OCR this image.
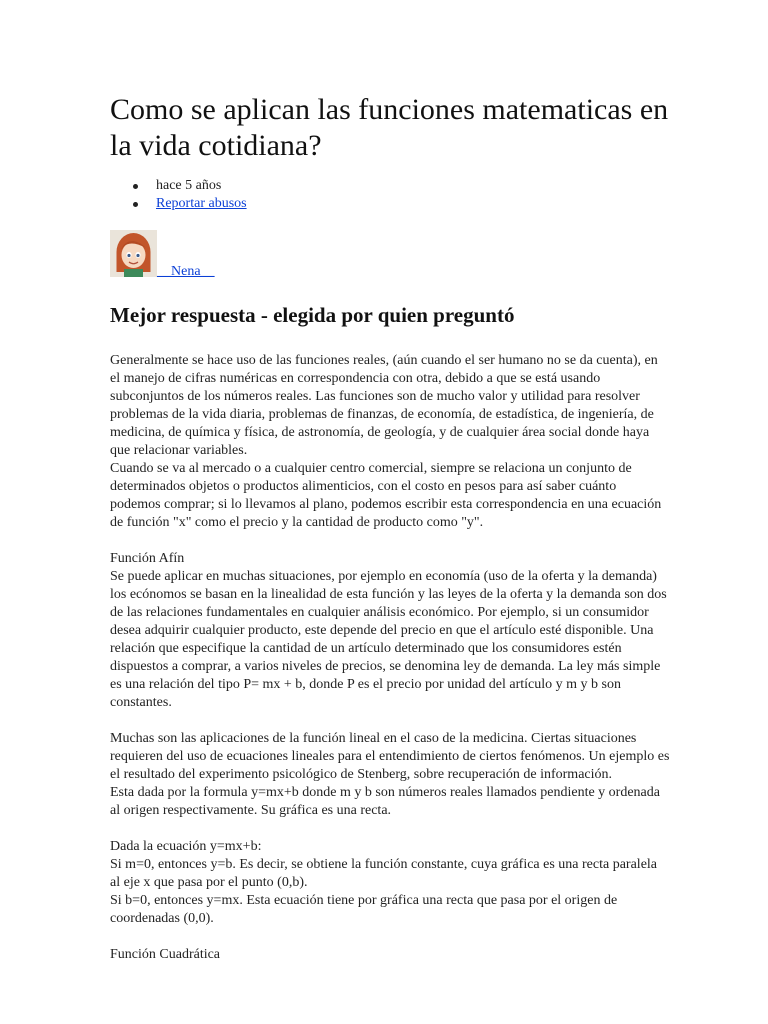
Como se aplican las funciones matematicas en la vida cotidiana?
hace 5 años
Reportar abusos
__Nena__
Mejor respuesta - elegida por quien preguntó

Generalmente se hace uso de las funciones reales, (aún cuando el ser humano no se da cuenta), en el manejo de cifras numéricas en correspondencia con otra, debido a que se está usando subconjuntos de los números reales. Las funciones son de mucho valor y utilidad para resolver problemas de la vida diaria, problemas de finanzas, de economía, de estadística, de ingeniería, de medicina, de química y física, de astronomía, de geología, y de cualquier área social donde haya que relacionar variables.

Cuando se va al mercado o a cualquier centro comercial, siempre se relaciona un conjunto de determinados objetos o productos alimenticios, con el costo en pesos para así saber cuánto podemos comprar; si lo llevamos al plano, podemos escribir esta correspondencia en una ecuación de función "x" como el precio y la cantidad de producto como "y".

Función Afín

Se puede aplicar en muchas situaciones, por ejemplo en economía (uso de la oferta y la demanda) los ecónomos se basan en la linealidad de esta función y las leyes de la oferta y la demanda son dos de las relaciones fundamentales en cualquier análisis económico. Por ejemplo, si un consumidor desea adquirir cualquier producto, este depende del precio en que el artículo esté disponible. Una relación que especifique la cantidad de un artículo determinado que los consumidores estén dispuestos a comprar, a varios niveles de precios, se denomina ley de demanda. La ley más simple es una relación del tipo P= mx + b, donde P es el precio por unidad del artículo y m y b son constantes.

Muchas son las aplicaciones de la función lineal en el caso de la medicina. Ciertas situaciones requieren del uso de ecuaciones lineales para el entendimiento de ciertos fenómenos. Un ejemplo es el resultado del experimento psicológico de Stenberg, sobre recuperación de información.

Esta dada por la formula y=mx+b donde m y b son números reales llamados pendiente y ordenada al origen respectivamente. Su gráfica es una recta.

Dada la ecuación y=mx+b:

Si m=0, entonces y=b. Es decir, se obtiene la función constante, cuya gráfica es una recta paralela al eje x que pasa por el punto (0,b).

Si b=0, entonces y=mx. Esta ecuación tiene por gráfica una recta que pasa por el origen de coordenadas (0,0).

Función Cuadrática
